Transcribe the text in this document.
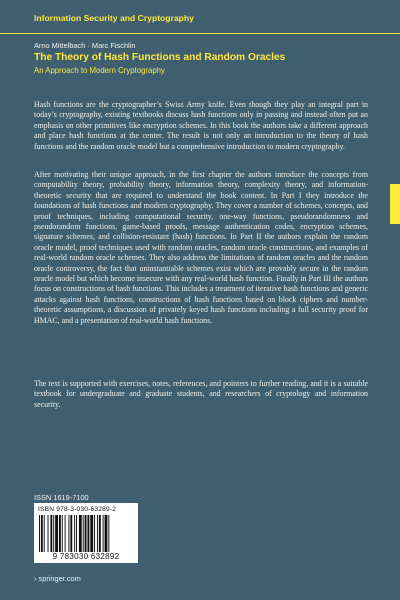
Information Security and Cryptography
Arno Mittelbach · Marc Fischlin
The Theory of Hash Functions and Random Oracles
An Approach to Modern Cryptography

Hash functions are the cryptographer’s Swiss Army knife. Even though they play an integral part in today’s cryptography, existing textbooks discuss hash functions only in passing and instead often put an emphasis on other primitives like encryption schemes. In this book the authors take a different approach and place hash functions at the center. The result is not only an introduction to the theory of hash functions and the random oracle model but a comprehensive introduction to modern cryptography.

After motivating their unique approach, in the first chapter the authors introduce the concepts from computability theory, probability theory, information theory, complexity theory, and information-theoretic security that are required to understand the book content. In Part I they introduce the foundations of hash functions and modern cryptography. They cover a number of schemes, concepts, and proof techniques, including computational security, one-way functions, pseudorandomness and pseudorandom functions, game-based proofs, message authentication codes, encryption schemes, signature schemes, and collision-resistant (hash) functions. In Part II the authors explain the random oracle model, proof techniques used with random oracles, random oracle constructions, and examples of real-world random oracle schemes. They also address the limitations of random oracles and the random oracle controversy, the fact that uninstantiable schemes exist which are provably secure in the random oracle model but which become insecure with any real-world hash function. Finally in Part III the authors focus on constructions of hash functions. This includes a treatment of iterative hash functions and generic attacks against hash functions, constructions of hash functions based on block ciphers and number-theoretic assumptions, a discussion of privately keyed hash functions including a full security proof for HMAC, and a presentation of real-world hash functions.

The text is supported with exercises, notes, references, and pointers to further reading, and it is a suitable textbook for undergraduate and graduate students, and researchers of cryptology and information security.

ISSN 1619-7100
ISBN 978-3-030-63289-2
9 783030 632892
› springer.com
